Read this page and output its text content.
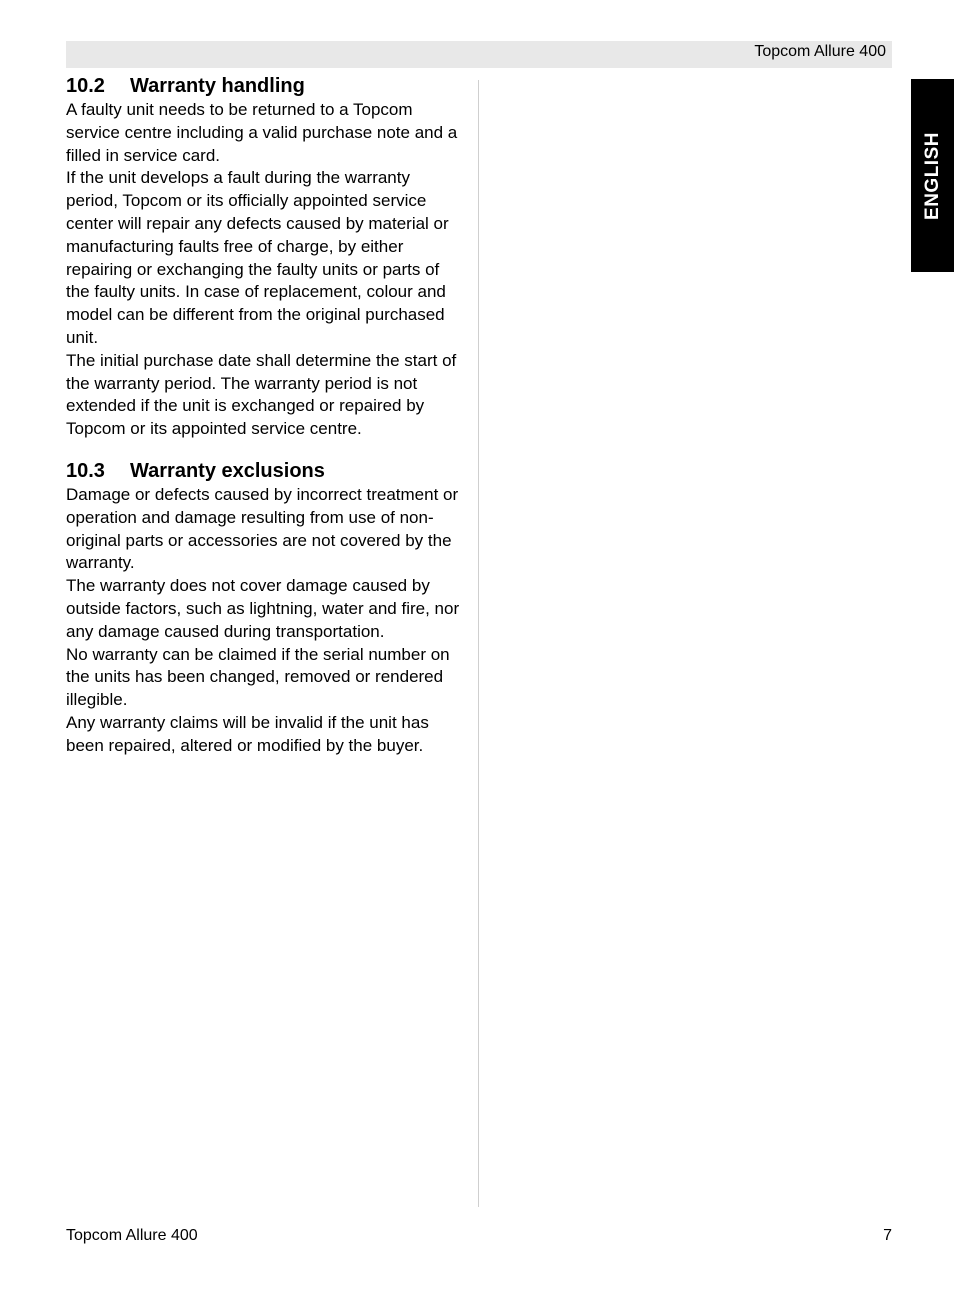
Topcom Allure 400
ENGLISH
10.2 Warranty handling

A faulty unit needs to be returned to a Topcom service centre including a valid purchase note and a filled in service card.

If the unit develops a fault during the warranty period, Topcom or its officially appointed service center will repair any defects caused by material or manufacturing faults free of charge, by either repairing or exchanging the faulty units or parts of the faulty units. In case of replacement, colour and model can be different from the original purchased unit.

The initial purchase date shall determine the start of the warranty period. The warranty period is not extended if the unit is exchanged or repaired by Topcom or its appointed service centre.

10.3 Warranty exclusions

Damage or defects caused by incorrect treatment or operation and damage resulting from use of non-original parts or accessories are not covered by the warranty.

The warranty does not cover damage caused by outside factors, such as lightning, water and fire, nor any damage caused during transportation.

No warranty can be claimed if the serial number on the units has been changed, removed or rendered illegible.

Any warranty claims will be invalid if the unit has been repaired, altered or modified by the buyer.

Topcom Allure 400	7
